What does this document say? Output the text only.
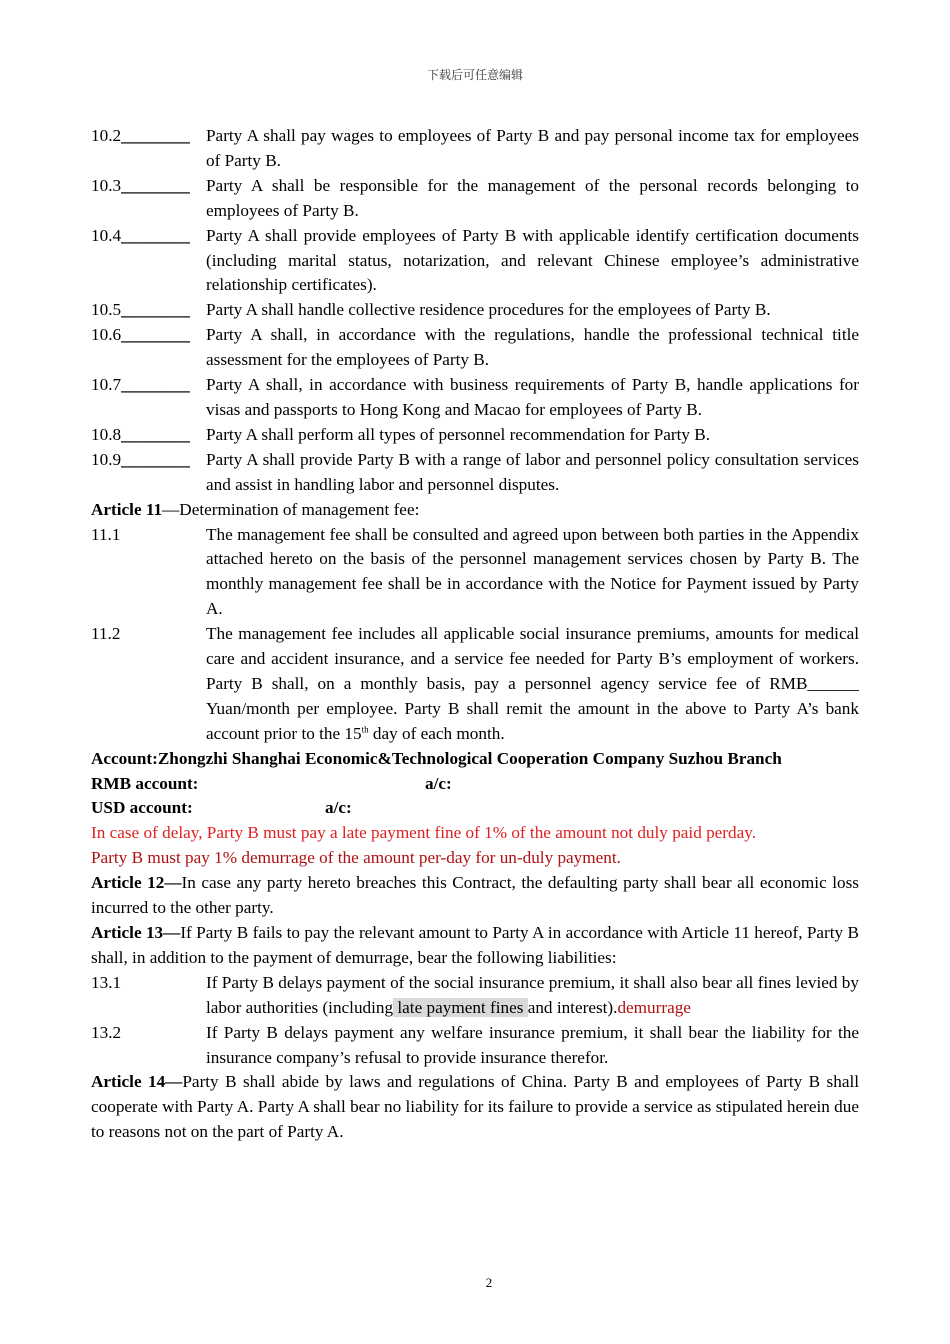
下载后可任意编辑
10.2________ Party A shall pay wages to employees of Party B and pay personal income tax for employees of Party B.
10.3________ Party A shall be responsible for the management of the personal records belonging to employees of Party B.
10.4________ Party A shall provide employees of Party B with applicable identify certification documents (including marital status, notarization, and relevant Chinese employee’s administrative relationship certificates).
10.5________ Party A shall handle collective residence procedures for the employees of Party B.
10.6________ Party A shall, in accordance with the regulations, handle the professional technical title assessment for the employees of Party B.
10.7________ Party A shall, in accordance with business requirements of Party B, handle applications for visas and passports to Hong Kong and Macao for employees of Party B.
10.8________ Party A shall perform all types of personnel recommendation for Party B.
10.9________ Party A shall provide Party B with a range of labor and personnel policy consultation services and assist in handling labor and personnel disputes.
Article 11—Determination of management fee:
11.1	The management fee shall be consulted and agreed upon between both parties in the Appendix attached hereto on the basis of the personnel management services chosen by Party B. The monthly management fee shall be in accordance with the Notice for Payment issued by Party A.
11.2	The management fee includes all applicable social insurance premiums, amounts for medical care and accident insurance, and a service fee needed for Party B’s employment of workers. Party B shall, on a monthly basis, pay a personnel agency service fee of RMB______ Yuan/month per employee. Party B shall remit the amount in the above to Party A’s bank account prior to the 15th day of each month.
Account:Zhongzhi Shanghai Economic&Technological Cooperation Company Suzhou Branch
RMB account:	a/c:
USD account:	a/c:
In case of delay, Party B must pay a late payment fine of 1% of the amount not duly paid perday.
Party B must pay 1% demurrage of the amount per-day for un-duly payment.
Article 12—In case any party hereto breaches this Contract, the defaulting party shall bear all economic loss incurred to the other party.
Article 13—If Party B fails to pay the relevant amount to Party A in accordance with Article 11 hereof, Party B shall, in addition to the payment of demurrage, bear the following liabilities:
13.1	If Party B delays payment of the social insurance premium, it shall also bear all fines levied by labor authorities (including late payment fines and interest).demurrage
13.2	If Party B delays payment any welfare insurance premium, it shall bear the liability for the insurance company’s refusal to provide insurance therefor.
Article 14—Party B shall abide by laws and regulations of China. Party B and employees of Party B shall cooperate with Party A. Party A shall bear no liability for its failure to provide a service as stipulated herein due to reasons not on the part of Party A.
2
